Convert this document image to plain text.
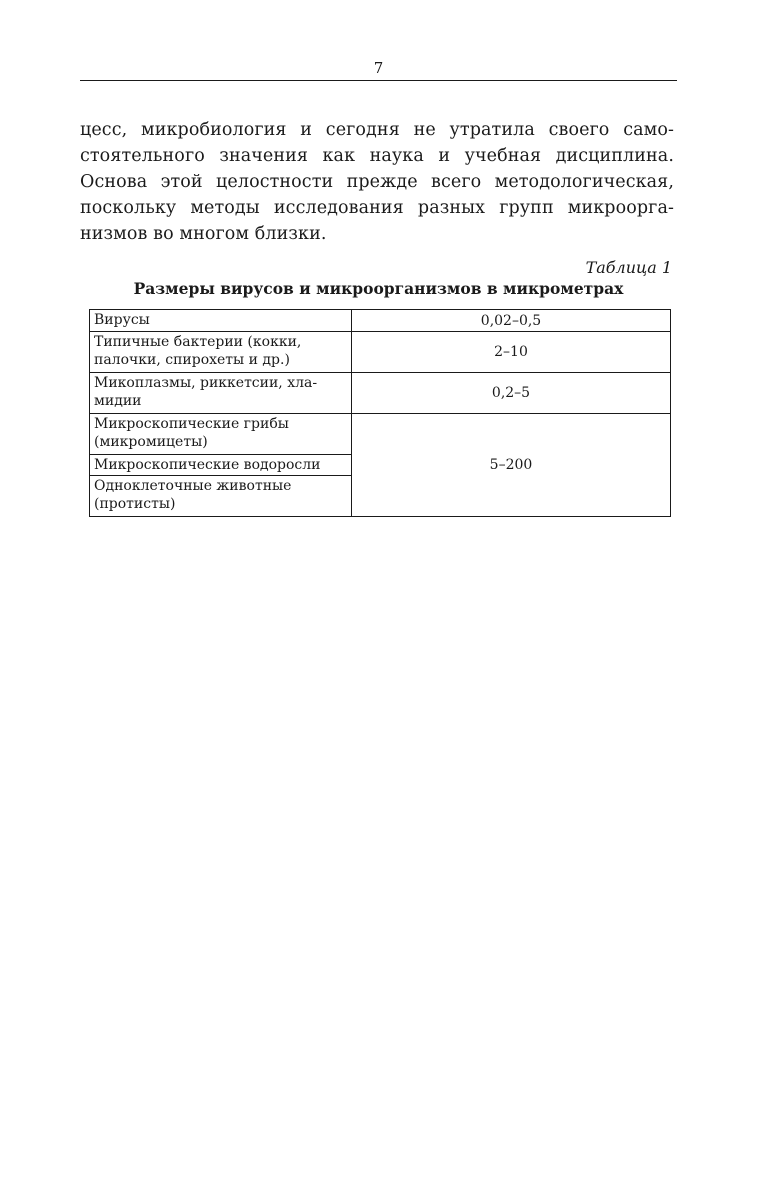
7
цесс, микробиология и сегодня не утратила своего само-
стоятельного значения как наука и учебная дисциплина.
Основа этой целостности прежде всего методологическая,
поскольку методы исследования разных групп микроорга-
низмов во многом близки.
Таблица 1
Размеры вирусов и микроорганизмов в микрометрах
Вирусы	0,02–0,5
Типичные бактерии (кокки,
палочки, спирохеты и др.)	2–10
Микоплазмы, риккетсии, хла-
мидии	0,2–5
Микроскопические грибы
(микромицеты)	5–200
Микроскопические водоросли	
Одноклеточные животные
(протисты)	
